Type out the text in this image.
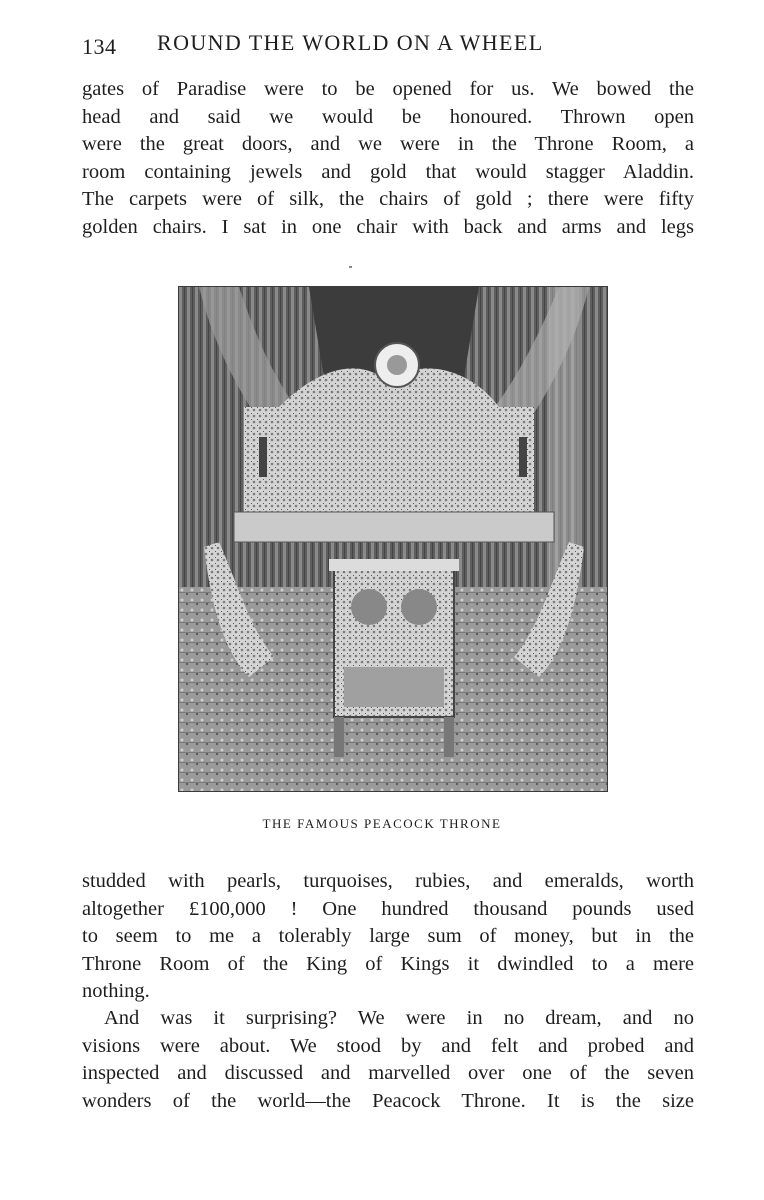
134 ROUND THE WORLD ON A WHEEL
gates of Paradise were to be opened for us. We bowed the
head and said we would be honoured. Thrown open
were the great doors, and we were in the Throne Room, a
room containing jewels and gold that would stagger Aladdin.
The carpets were of silk, the chairs of gold ; there were fifty
golden chairs. I sat in one chair with back and arms and legs
THE FAMOUS PEACOCK THRONE
studded with pearls, turquoises, rubies, and emeralds, worth
altogether £100,000 ! One hundred thousand pounds used
to seem to me a tolerably large sum of money, but in the
Throne Room of the King of Kings it dwindled to a mere
nothing.
And was it surprising? We were in no dream, and no
visions were about. We stood by and felt and probed and
inspected and discussed and marvelled over one of the seven
wonders of the world—the Peacock Throne. It is the size
